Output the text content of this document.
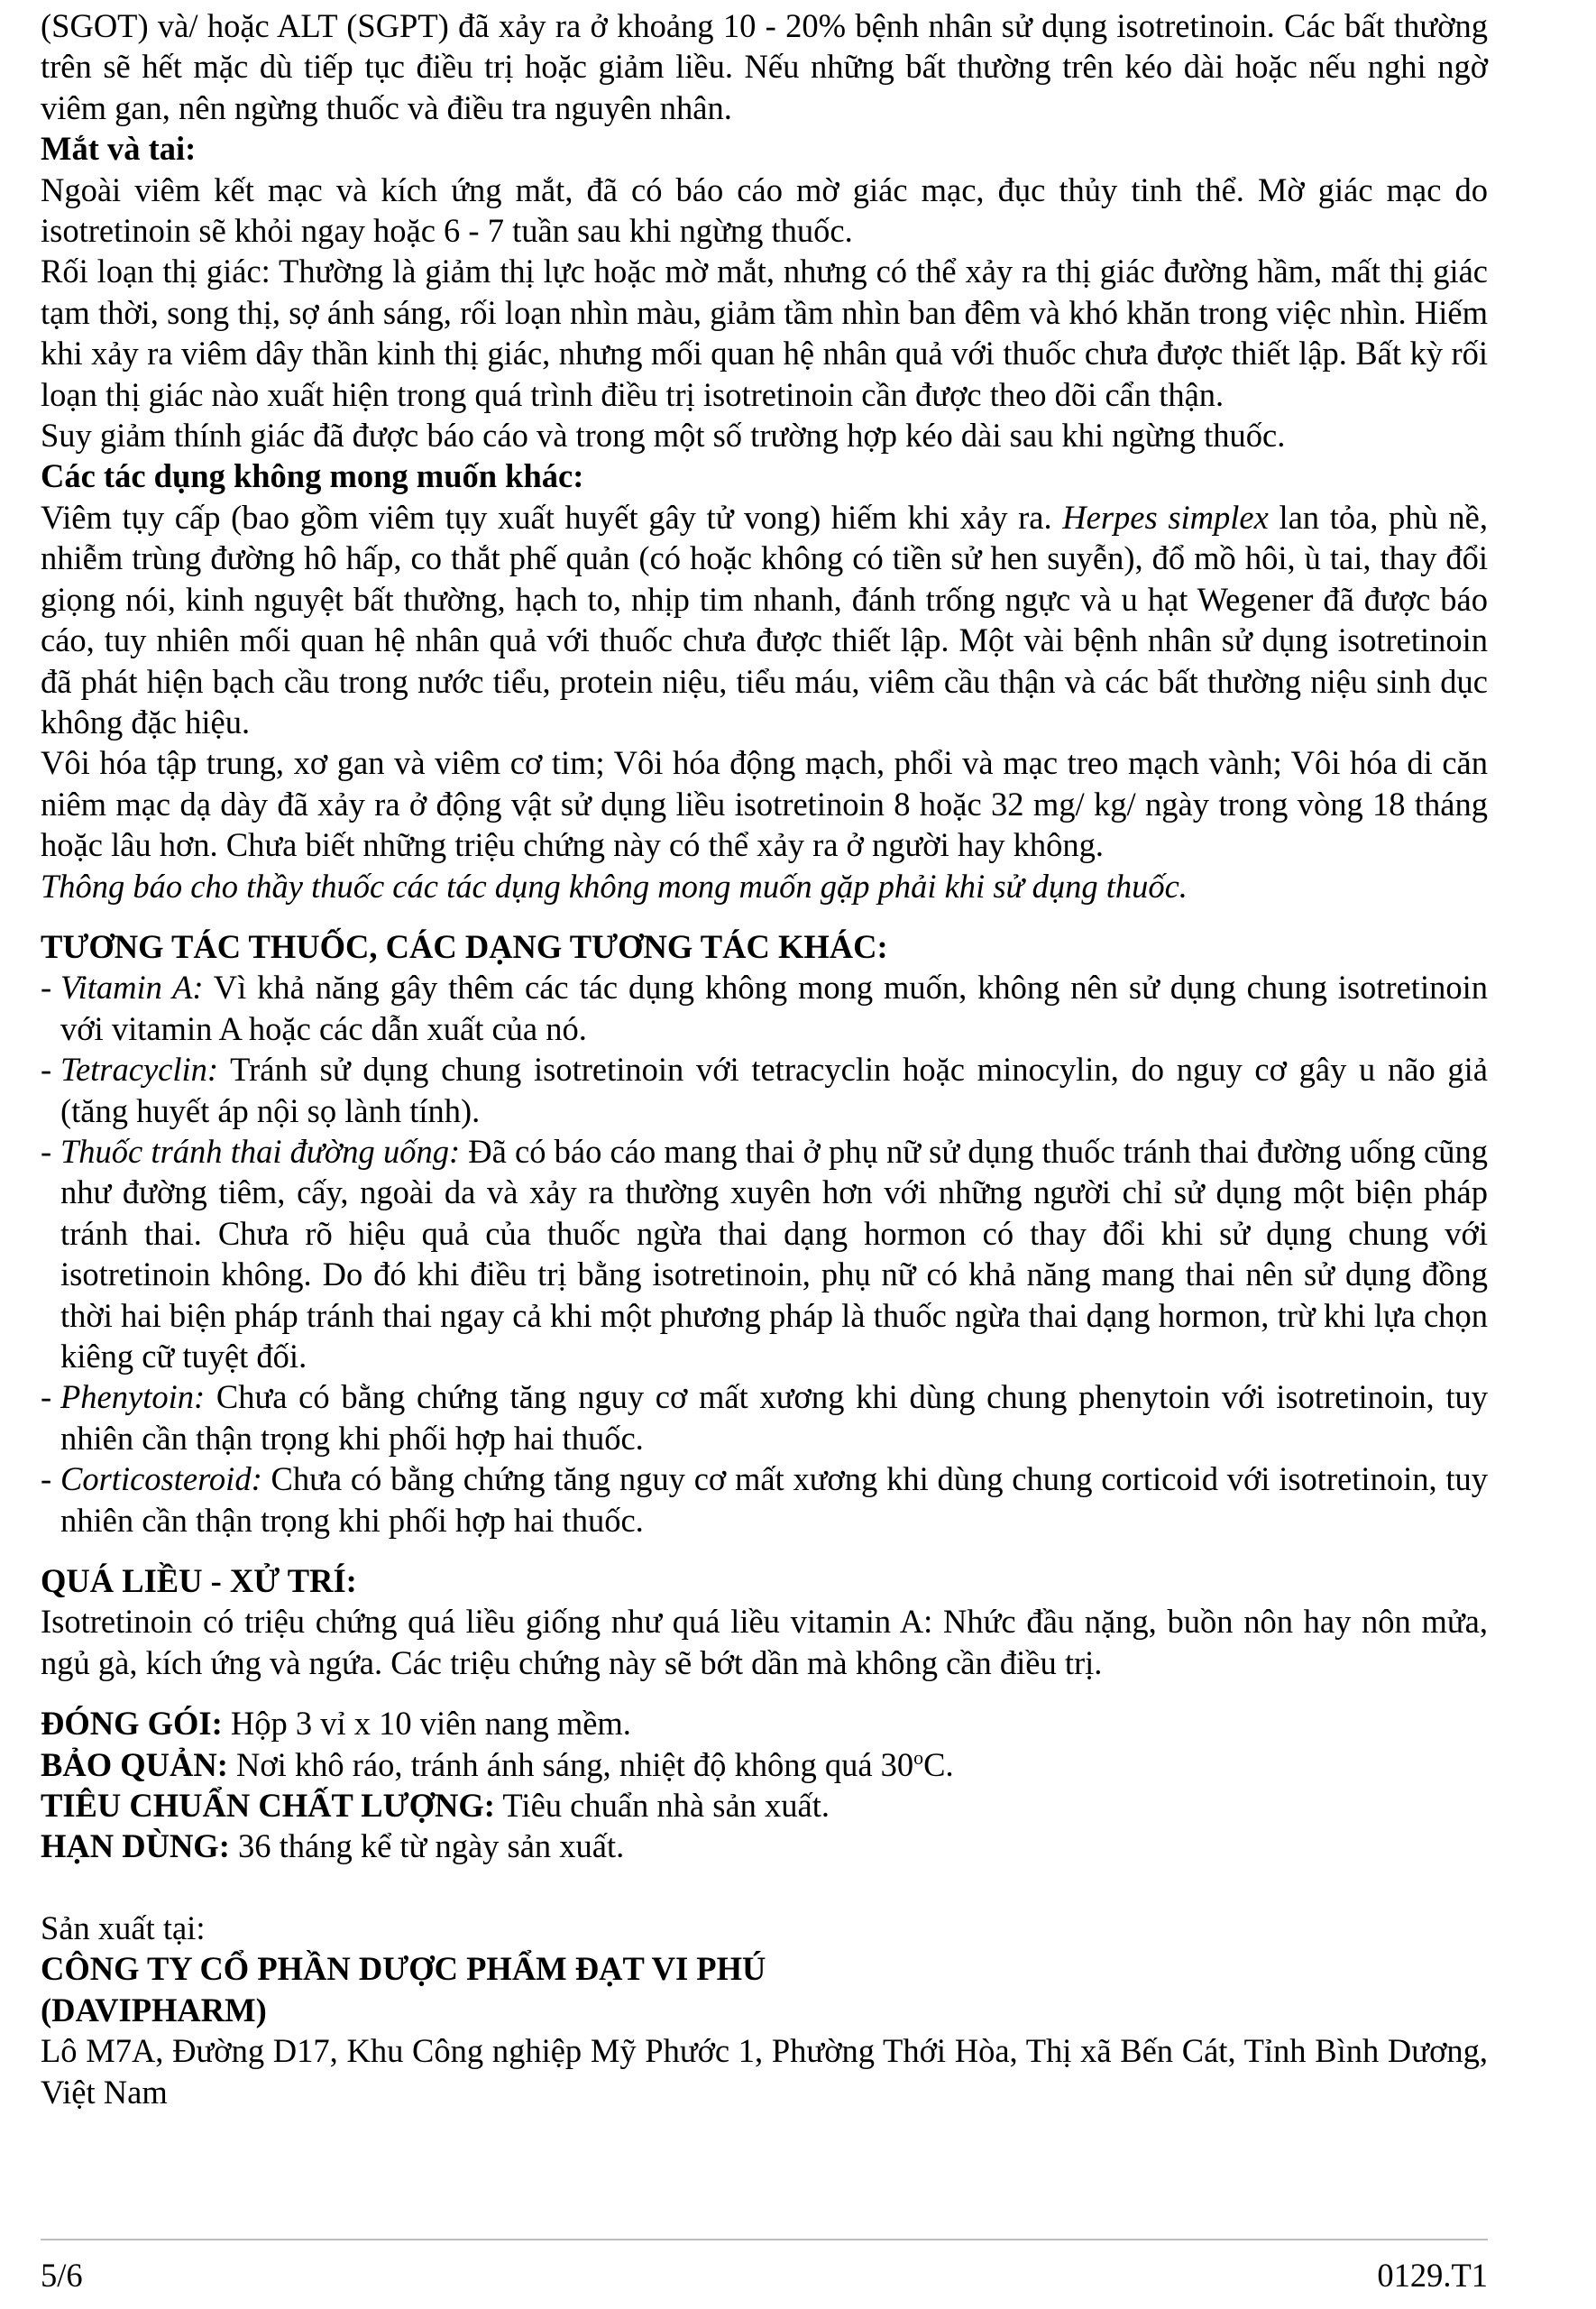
(SGOT) và/ hoặc ALT (SGPT) đã xảy ra ở khoảng 10 - 20% bệnh nhân sử dụng isotretinoin. Các bất thường trên sẽ hết mặc dù tiếp tục điều trị hoặc giảm liều. Nếu những bất thường trên kéo dài hoặc nếu nghi ngờ viêm gan, nên ngừng thuốc và điều tra nguyên nhân.

Mắt và tai:

Ngoài viêm kết mạc và kích ứng mắt, đã có báo cáo mờ giác mạc, đục thủy tinh thể. Mờ giác mạc do isotretinoin sẽ khỏi ngay hoặc 6 - 7 tuần sau khi ngừng thuốc.

Rối loạn thị giác: Thường là giảm thị lực hoặc mờ mắt, nhưng có thể xảy ra thị giác đường hầm, mất thị giác tạm thời, song thị, sợ ánh sáng, rối loạn nhìn màu, giảm tầm nhìn ban đêm và khó khăn trong việc nhìn. Hiếm khi xảy ra viêm dây thần kinh thị giác, nhưng mối quan hệ nhân quả với thuốc chưa được thiết lập. Bất kỳ rối loạn thị giác nào xuất hiện trong quá trình điều trị isotretinoin cần được theo dõi cẩn thận.

Suy giảm thính giác đã được báo cáo và trong một số trường hợp kéo dài sau khi ngừng thuốc.

Các tác dụng không mong muốn khác:

Viêm tụy cấp (bao gồm viêm tụy xuất huyết gây tử vong) hiếm khi xảy ra. Herpes simplex lan tỏa, phù nề, nhiễm trùng đường hô hấp, co thắt phế quản (có hoặc không có tiền sử hen suyễn), đổ mồ hôi, ù tai, thay đổi giọng nói, kinh nguyệt bất thường, hạch to, nhịp tim nhanh, đánh trống ngực và u hạt Wegener đã được báo cáo, tuy nhiên mối quan hệ nhân quả với thuốc chưa được thiết lập. Một vài bệnh nhân sử dụng isotretinoin đã phát hiện bạch cầu trong nước tiểu, protein niệu, tiểu máu, viêm cầu thận và các bất thường niệu sinh dục không đặc hiệu.

Vôi hóa tập trung, xơ gan và viêm cơ tim; Vôi hóa động mạch, phổi và mạc treo mạch vành; Vôi hóa di căn niêm mạc dạ dày đã xảy ra ở động vật sử dụng liều isotretinoin 8 hoặc 32 mg/ kg/ ngày trong vòng 18 tháng hoặc lâu hơn. Chưa biết những triệu chứng này có thể xảy ra ở người hay không.

Thông báo cho thầy thuốc các tác dụng không mong muốn gặp phải khi sử dụng thuốc.

TƯƠNG TÁC THUỐC, CÁC DẠNG TƯƠNG TÁC KHÁC:

- Vitamin A: Vì khả năng gây thêm các tác dụng không mong muốn, không nên sử dụng chung isotretinoin với vitamin A hoặc các dẫn xuất của nó.
- Tetracyclin: Tránh sử dụng chung isotretinoin với tetracyclin hoặc minocylin, do nguy cơ gây u não giả (tăng huyết áp nội sọ lành tính).
- Thuốc tránh thai đường uống: Đã có báo cáo mang thai ở phụ nữ sử dụng thuốc tránh thai đường uống cũng như đường tiêm, cấy, ngoài da và xảy ra thường xuyên hơn với những người chỉ sử dụng một biện pháp tránh thai. Chưa rõ hiệu quả của thuốc ngừa thai dạng hormon có thay đổi khi sử dụng chung với isotretinoin không. Do đó khi điều trị bằng isotretinoin, phụ nữ có khả năng mang thai nên sử dụng đồng thời hai biện pháp tránh thai ngay cả khi một phương pháp là thuốc ngừa thai dạng hormon, trừ khi lựa chọn kiêng cữ tuyệt đối.
- Phenytoin: Chưa có bằng chứng tăng nguy cơ mất xương khi dùng chung phenytoin với isotretinoin, tuy nhiên cần thận trọng khi phối hợp hai thuốc.
- Corticosteroid: Chưa có bằng chứng tăng nguy cơ mất xương khi dùng chung corticoid với isotretinoin, tuy nhiên cần thận trọng khi phối hợp hai thuốc.

QUÁ LIỀU - XỬ TRÍ:

Isotretinoin có triệu chứng quá liều giống như quá liều vitamin A: Nhức đầu nặng, buồn nôn hay nôn mửa, ngủ gà, kích ứng và ngứa. Các triệu chứng này sẽ bớt dần mà không cần điều trị.

ĐÓNG GÓI: Hộp 3 vỉ x 10 viên nang mềm.

BẢO QUẢN: Nơi khô ráo, tránh ánh sáng, nhiệt độ không quá 30$^o$C.

TIÊU CHUẨN CHẤT LƯỢNG: Tiêu chuẩn nhà sản xuất.

HẠN DÙNG: 36 tháng kể từ ngày sản xuất.

Sản xuất tại:

CÔNG TY CỔ PHẦN DƯỢC PHẨM ĐẠT VI PHÚ

(DAVIPHARM)

Lô M7A, Đường D17, Khu Công nghiệp Mỹ Phước 1, Phường Thới Hòa, Thị xã Bến Cát, Tỉnh Bình Dương, Việt Nam

5/6	0129.T1
